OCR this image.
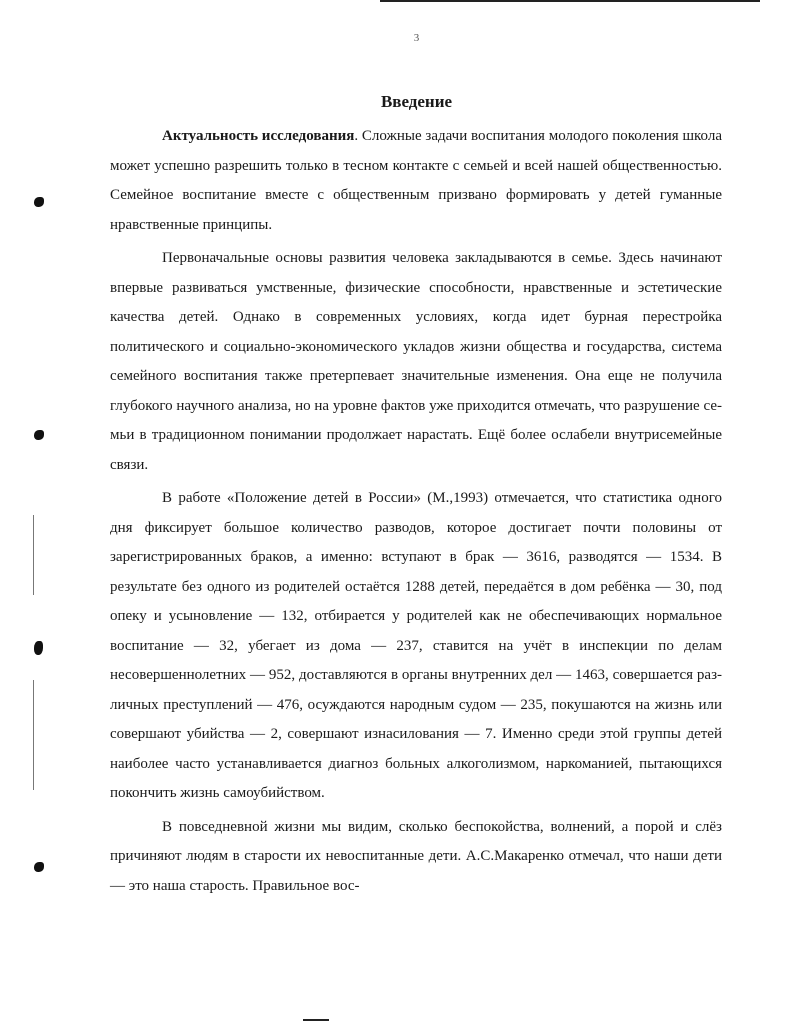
3
Введение

Актуальность исследования. Сложные задачи воспитания молодого поколения школа может успешно разрешить только в тесном контакте с семьей и всей нашей общественностью. Семейное воспитание вместе с общественным призвано формировать у детей гуманные нравственные принципы.

Первоначальные основы развития человека закладываются в семье. Здесь начинают впервые развиваться умственные, физические способности, нравственные и эстетические качества детей. Однако в современных условиях, когда идет бурная перестройка политического и социально-экономического укладов жизни общества и государства, система семейного воспитания также претерпевает значительные изменения. Она еще не получила глубокого научного анализа, но на уровне фактов уже приходится отмечать, что разрушение семьи в традиционном понимании продолжает нарастать. Ещё более ослабели внутрисемейные связи.

В работе «Положение детей в России» (М.,1993) отмечается, что статистика одного дня фиксирует большое количество разводов, которое достигает почти половины от зарегистрированных браков, а именно: вступают в брак — 3616, разводятся — 1534. В результате без одного из родителей остаётся 1288 детей, передаётся в дом ребёнка — 30, под опеку и усыновление — 132, отбирается у родителей как не обеспечивающих нормальное воспитание — 32, убегает из дома — 237, ставится на учёт в инспекции по делам несовершеннолетних — 952, доставляются в органы внутренних дел — 1463, совершается различных преступлений — 476, осуждаются народным судом — 235, покушаются на жизнь или совершают убийства — 2, совершают изнасилования — 7. Именно среди этой группы детей наиболее часто устанавливается диагноз больных алкоголизмом, наркоманией, пытающихся покончить жизнь самоубийством.

В повседневной жизни мы видим, сколько беспокойства, волнений, а порой и слёз причиняют людям в старости их невоспитанные дети. А.С.Макаренко отмечал, что наши дети — это наша старость. Правильное вос-
